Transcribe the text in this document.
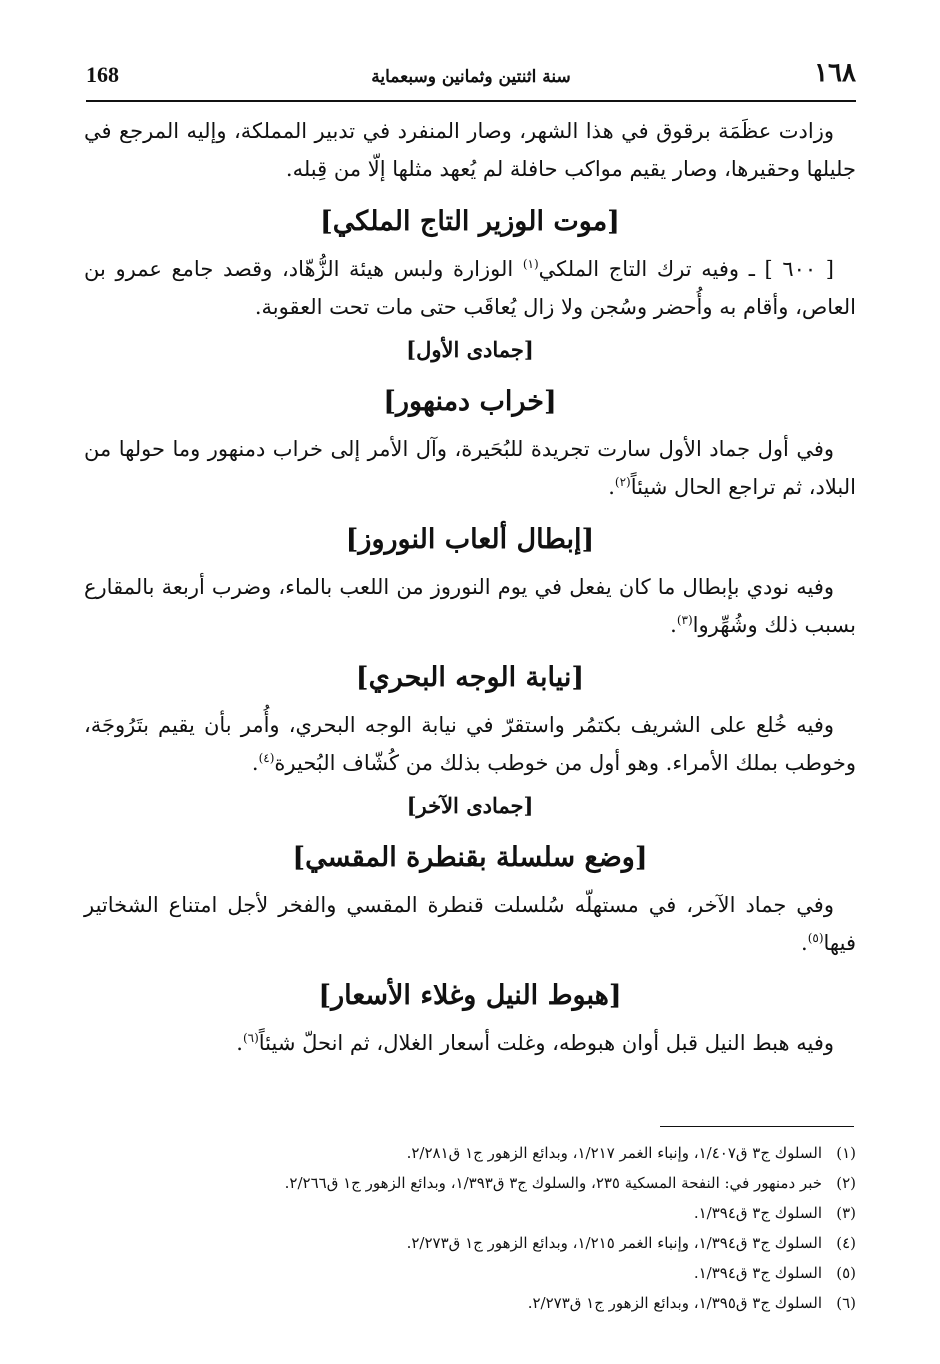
168	سنة اثنتين وثمانين وسبعماية	١٦٨

وزادت عظَمَة برقوق في هذا الشهر، وصار المنفرد في تدبير المملكة، وإليه المرجع في جليلها وحقيرها، وصار يقيم مواكب حافلة لم يُعهد مثلها إلّا من قِبله.

[موت الوزير التاج الملكي]

[ ٦٠٠ ] ـ وفيه ترك التاج الملكي$^{(١)}$ الوزارة ولبس هيئة الزُّهّاد، وقصد جامع عمرو بن العاص، وأقام به وأُحضر وسُجن ولا زال يُعاقَب حتى مات تحت العقوبة.

[جمادى الأول]
[خراب دمنهور]

وفي أول جماد الأول سارت تجريدة للبُحَيرة، وآل الأمر إلى خراب دمنهور وما حولها من البلاد، ثم تراجع الحال شيئاً$^{(٢)}$.

[إبطال ألعاب النوروز]

وفيه نودي بإبطال ما كان يفعل في يوم النوروز من اللعب بالماء، وضرب أربعة بالمقارع بسبب ذلك وشُهِّروا$^{(٣)}$.

[نيابة الوجه البحري]

وفيه خُلع على الشريف بكتمُر واستقرّ في نيابة الوجه البحري، وأُمر بأن يقيم بتَرُوجَة، وخوطب بملك الأمراء. وهو أول من خوطب بذلك من كُشّاف البُحيرة$^{(٤)}$.

[جمادى الآخر]
[وضع سلسلة بقنطرة المقسي]

وفي جماد الآخر، في مستهلّه سُلسلت قنطرة المقسي والفخر لأجل امتناع الشخاتير فيها$^{(٥)}$.

[هبوط النيل وغلاء الأسعار]

وفيه هبط النيل قبل أوان هبوطه، وغلت أسعار الغلال، ثم انحلّ شيئاً$^{(٦)}$.

(١)السلوك ج٣ ق١/٤٠٧، وإنباء الغمر ١/٢١٧، وبدائع الزهور ج١ ق٢/٢٨١.

(٢)خبر دمنهور في: النفحة المسكية ٢٣٥، والسلوك ج٣ ق١/٣٩٣، وبدائع الزهور ج١ ق٢/٢٦٦.

(٣)السلوك ج٣ ق١/٣٩٤.

(٤)السلوك ج٣ ق١/٣٩٤، وإنباء الغمر ١/٢١٥، وبدائع الزهور ج١ ق٢/٢٧٣.

(٥)السلوك ج٣ ق١/٣٩٤.

(٦)السلوك ج٣ ق١/٣٩٥، وبدائع الزهور ج١ ق٢/٢٧٣.
